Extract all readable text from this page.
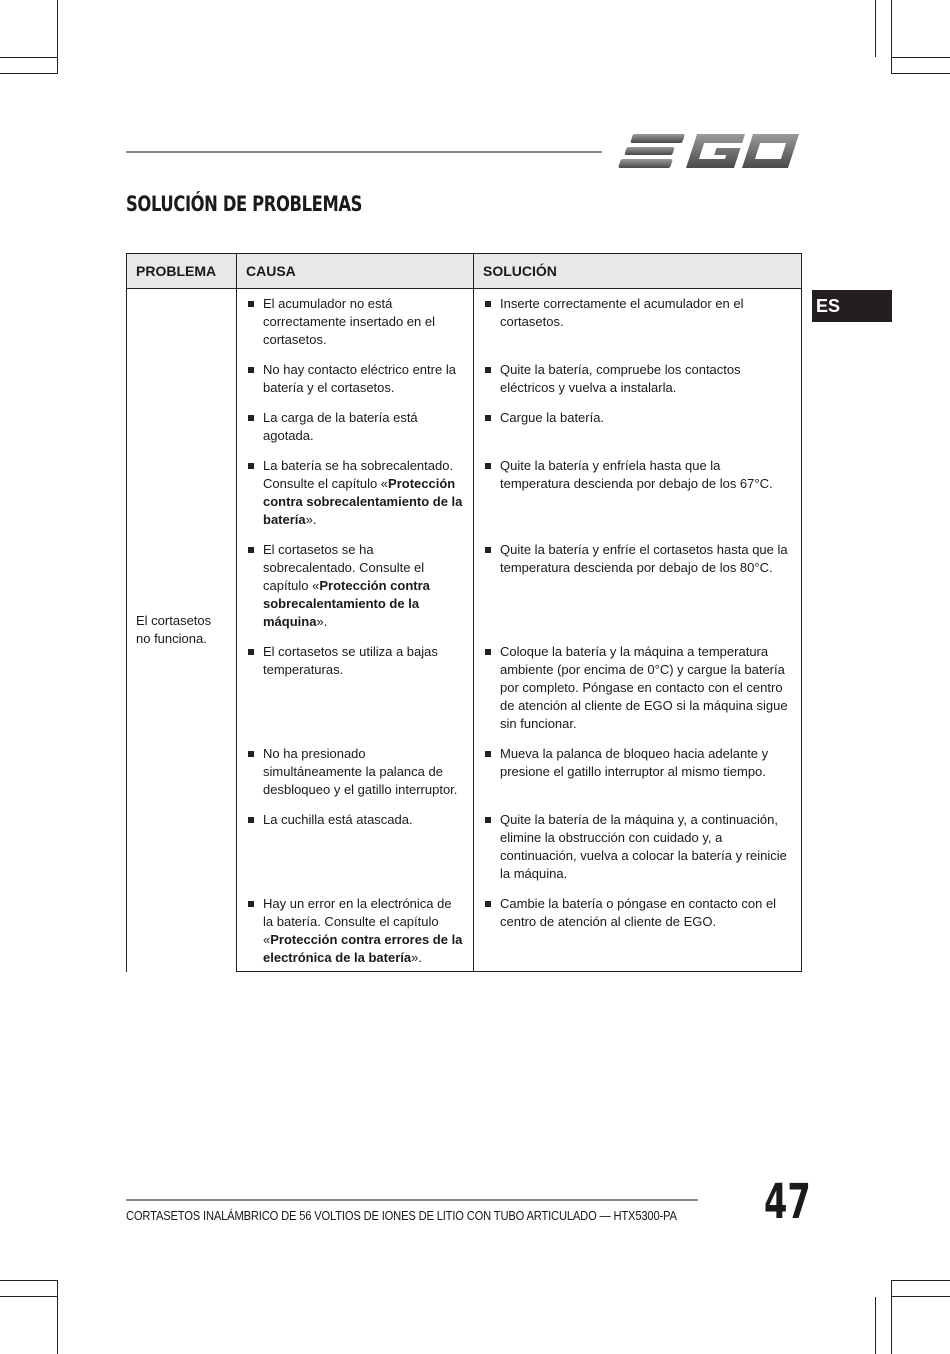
SOLUCIÓN DE PROBLEMAS
ES
PROBLEMA	CAUSA	SOLUCIÓN
El cortasetos no funciona.	El acumulador no está correctamente insertado en el cortasetos.	Inserte correctamente el acumulador en el cortasetos.

	No hay contacto eléctrico entre la batería y el cortasetos.	Quite la batería, compruebe los contactos eléctricos y vuelva a instalarla.

	La carga de la batería está agotada.	Cargue la batería.

	La batería se ha sobrecalentado. Consulte el capítulo «Protección contra sobrecalentamiento de la batería».	Quite la batería y enfríela hasta que la temperatura descienda por debajo de los 67°C.

	El cortasetos se ha sobrecalentado. Consulte el capítulo «Protección contra sobrecalentamiento de la máquina».	Quite la batería y enfríe el cortasetos hasta que la temperatura descienda por debajo de los 80°C.

	El cortasetos se utiliza a bajas temperaturas.	Coloque la batería y la máquina a temperatura ambiente (por encima de 0°C) y cargue la batería por completo. Póngase en contacto con el centro de atención al cliente de EGO si la máquina sigue sin funcionar.

	No ha presionado simultáneamente la palanca de desbloqueo y el gatillo interruptor.	Mueva la palanca de bloqueo hacia adelante y presione el gatillo interruptor al mismo tiempo.

	La cuchilla está atascada.	Quite la batería de la máquina y, a continuación, elimine la obstrucción con cuidado y, a continuación, vuelva a colocar la batería y reinicie la máquina.

	Hay un error en la electrónica de la batería. Consulte el capítulo «Protección contra errores de la electrónica de la batería».	Cambie la batería o póngase en contacto con el centro de atención al cliente de EGO.
CORTASETOS INALÁMBRICO DE 56 VOLTIOS DE IONES DE LITIO CON TUBO ARTICULADO — HTX5300-PA 47
